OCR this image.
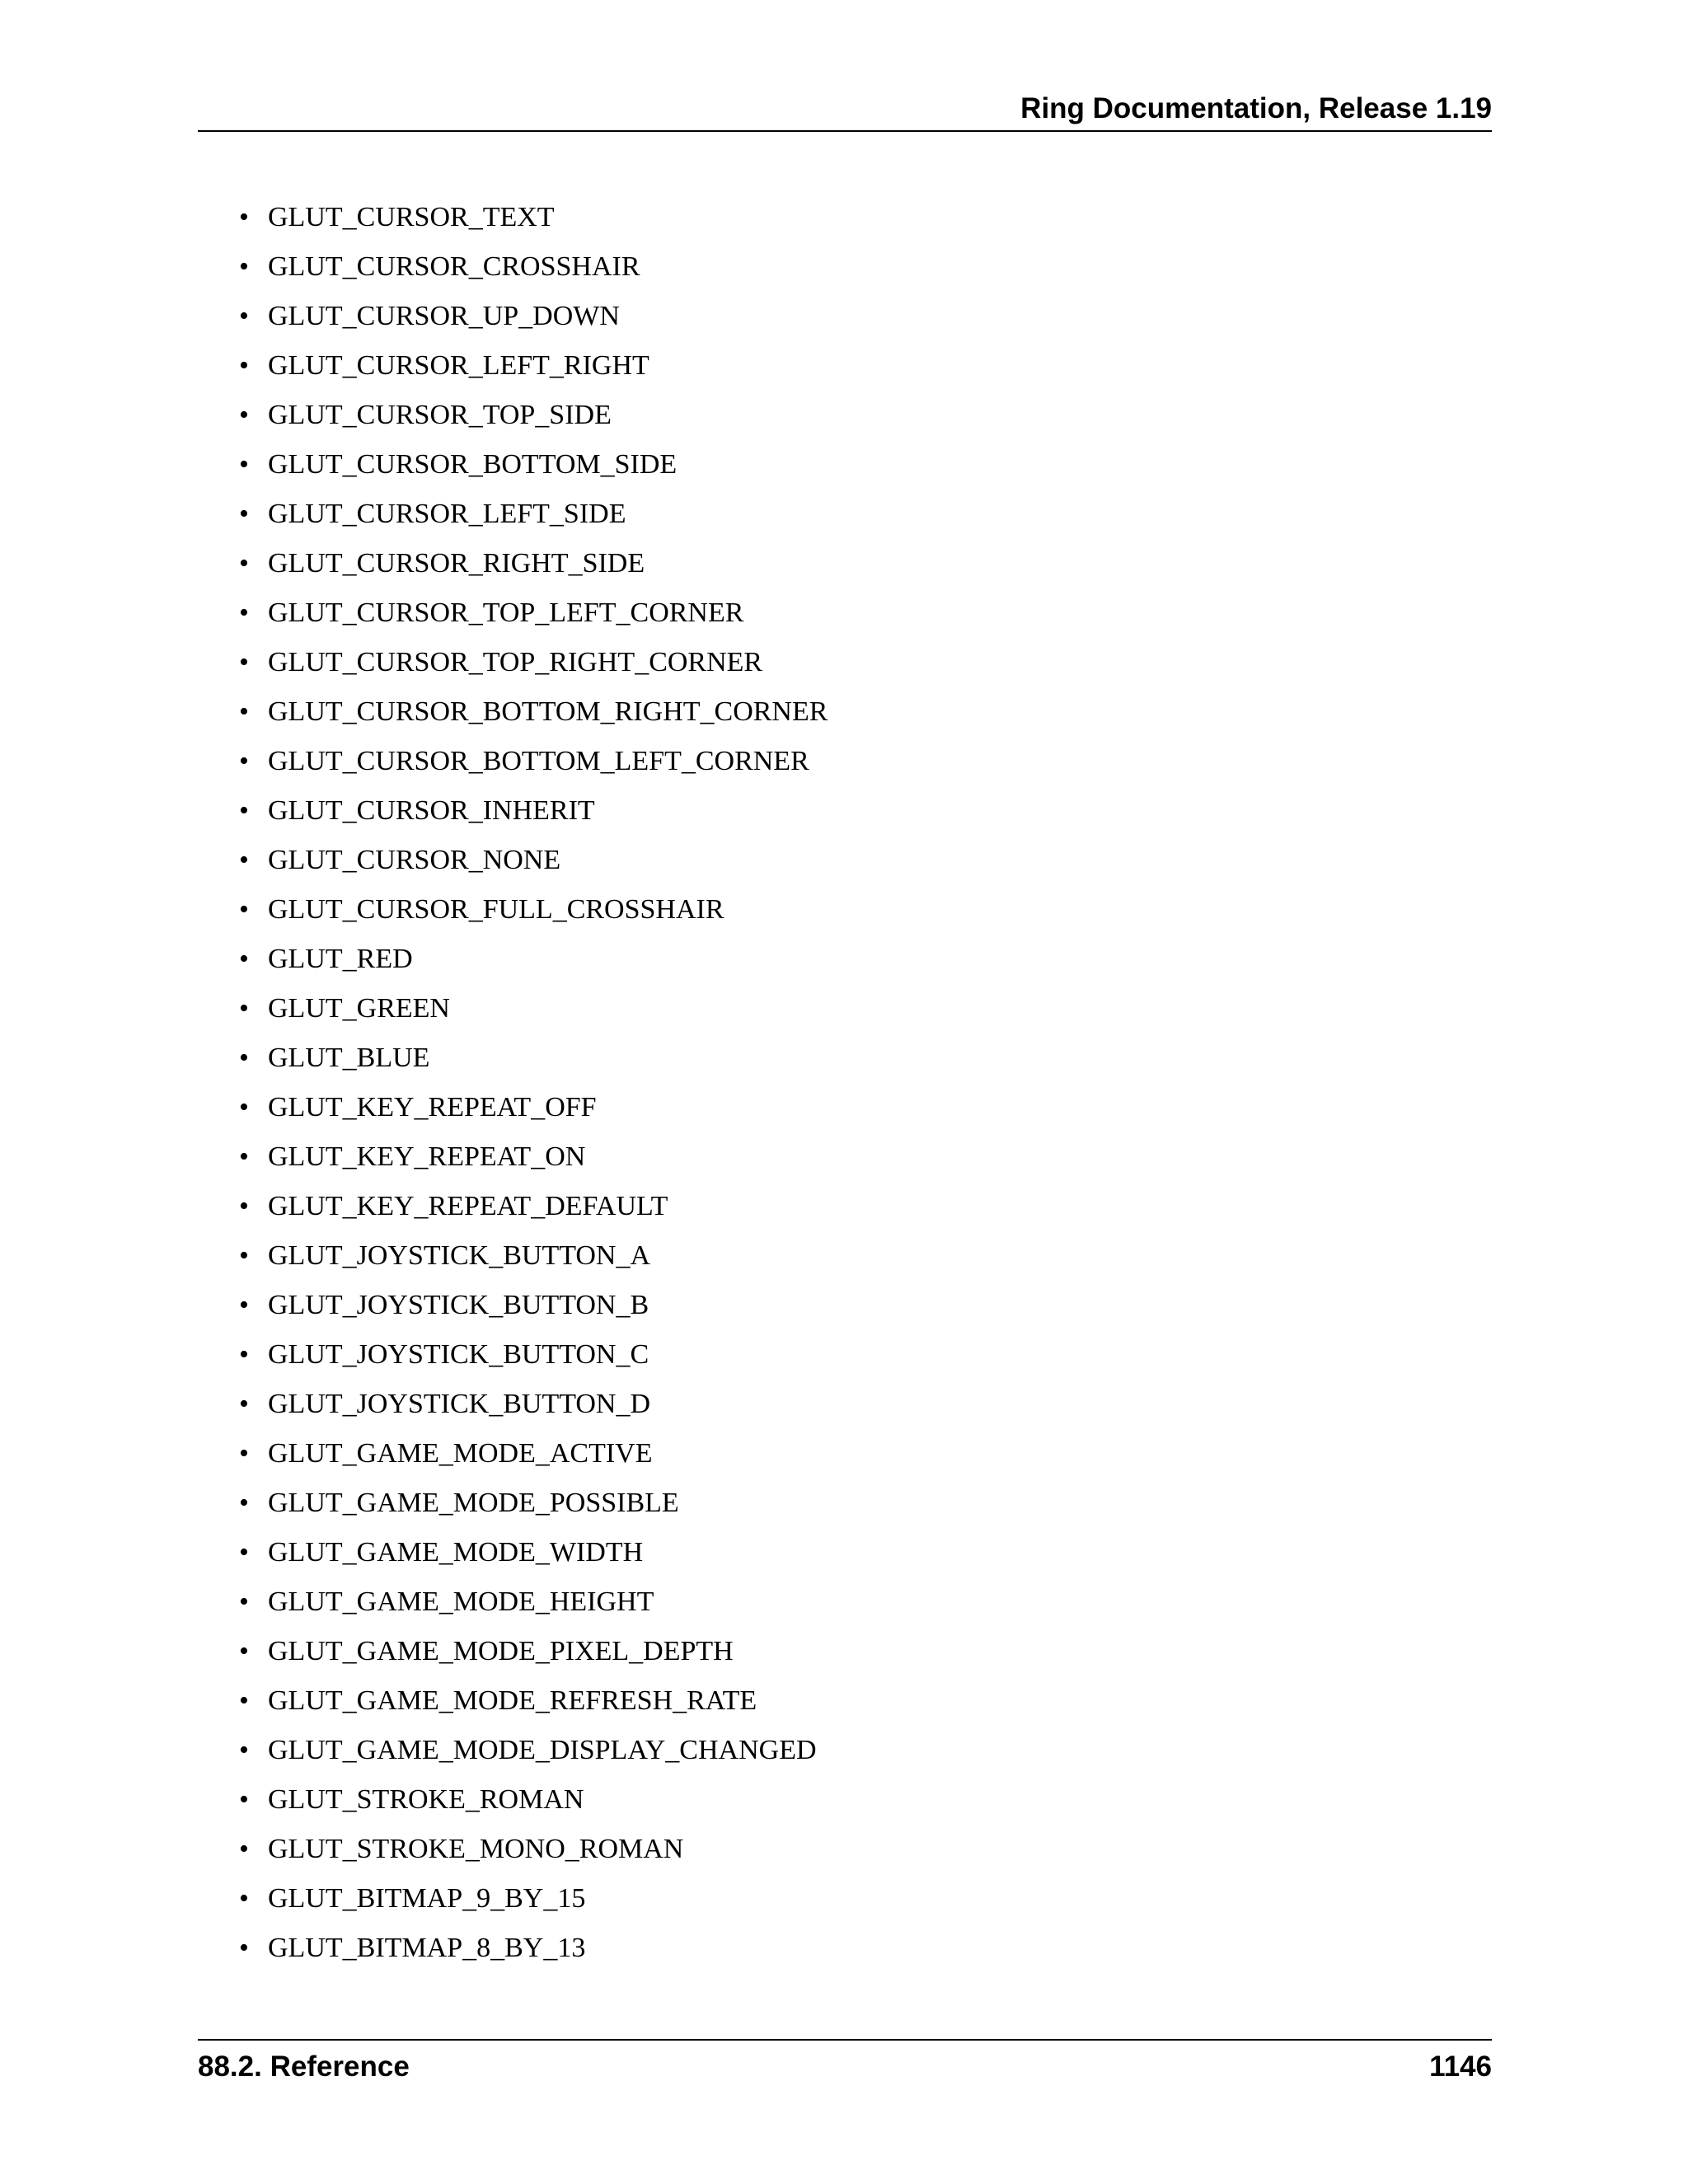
Ring Documentation, Release 1.19
• GLUT_CURSOR_TEXT
• GLUT_CURSOR_CROSSHAIR
• GLUT_CURSOR_UP_DOWN
• GLUT_CURSOR_LEFT_RIGHT
• GLUT_CURSOR_TOP_SIDE
• GLUT_CURSOR_BOTTOM_SIDE
• GLUT_CURSOR_LEFT_SIDE
• GLUT_CURSOR_RIGHT_SIDE
• GLUT_CURSOR_TOP_LEFT_CORNER
• GLUT_CURSOR_TOP_RIGHT_CORNER
• GLUT_CURSOR_BOTTOM_RIGHT_CORNER
• GLUT_CURSOR_BOTTOM_LEFT_CORNER
• GLUT_CURSOR_INHERIT
• GLUT_CURSOR_NONE
• GLUT_CURSOR_FULL_CROSSHAIR
• GLUT_RED
• GLUT_GREEN
• GLUT_BLUE
• GLUT_KEY_REPEAT_OFF
• GLUT_KEY_REPEAT_ON
• GLUT_KEY_REPEAT_DEFAULT
• GLUT_JOYSTICK_BUTTON_A
• GLUT_JOYSTICK_BUTTON_B
• GLUT_JOYSTICK_BUTTON_C
• GLUT_JOYSTICK_BUTTON_D
• GLUT_GAME_MODE_ACTIVE
• GLUT_GAME_MODE_POSSIBLE
• GLUT_GAME_MODE_WIDTH
• GLUT_GAME_MODE_HEIGHT
• GLUT_GAME_MODE_PIXEL_DEPTH
• GLUT_GAME_MODE_REFRESH_RATE
• GLUT_GAME_MODE_DISPLAY_CHANGED
• GLUT_STROKE_ROMAN
• GLUT_STROKE_MONO_ROMAN
• GLUT_BITMAP_9_BY_15
• GLUT_BITMAP_8_BY_13
88.2. Reference	1146
